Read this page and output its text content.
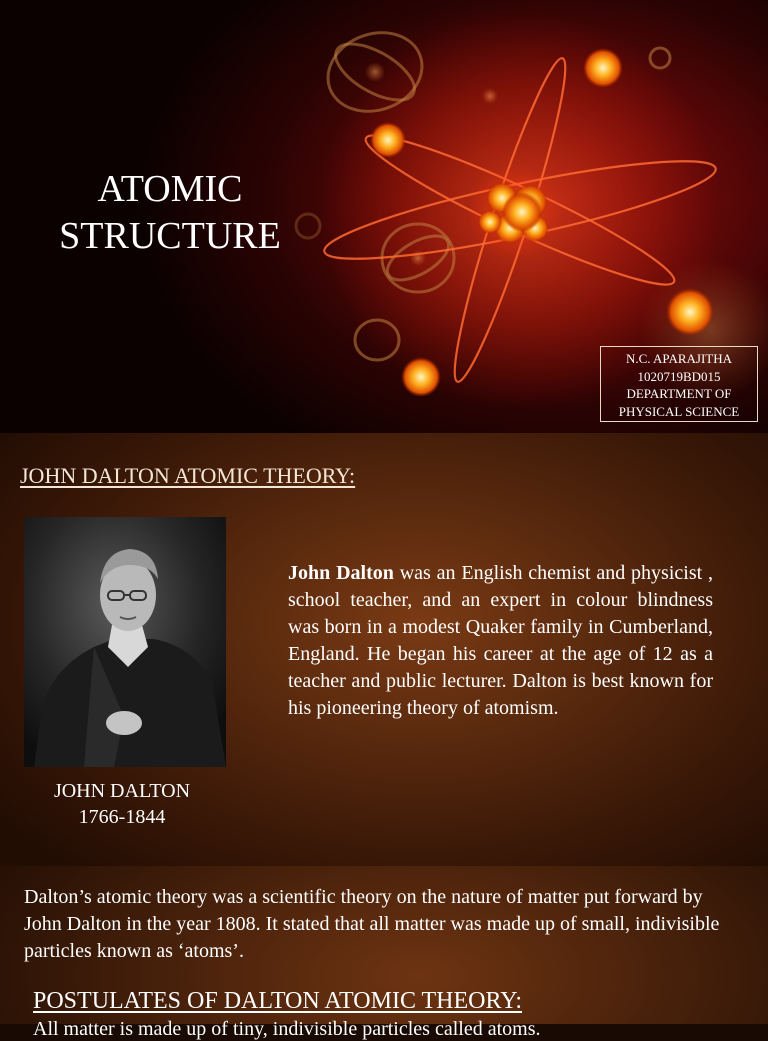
ATOMIC
STRUCTURE
N.C. APARAJITHA
1020719BD015
DEPARTMENT OF
PHYSICAL SCIENCE
JOHN DALTON ATOMIC THEORY:
JOHN DALTON
1766-1844

John Dalton was an English chemist and physicist , school teacher, and an expert in colour blindness was born in a modest Quaker family in Cumberland, England. He began his career at the age of 12 as a teacher and public lecturer. Dalton is best known for his pioneering theory of atomism.

Dalton’s atomic theory was a scientific theory on the nature of matter put forward by John Dalton in the year 1808. It stated that all matter was made up of small, indivisible particles known as ‘atoms’.

POSTULATES OF DALTON ATOMIC THEORY:
All matter is made up of tiny, indivisible particles called atoms.
